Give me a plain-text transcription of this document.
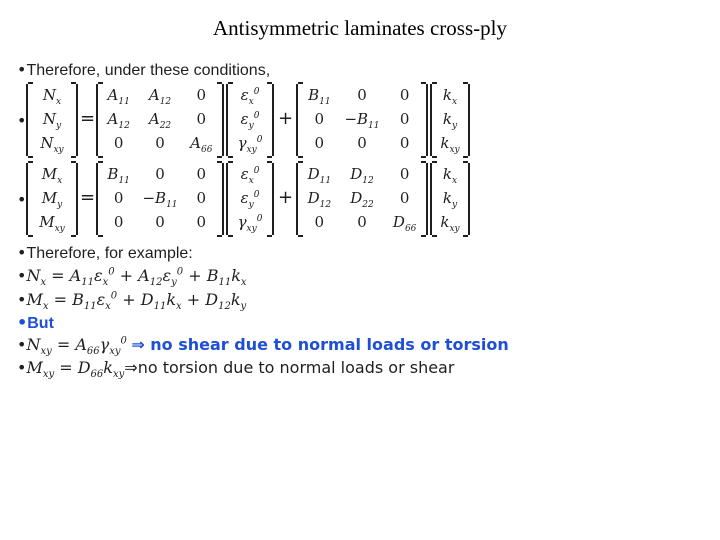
Antisymmetric laminates cross-ply
•Therefore, under these conditions,
•
$N_x$
$N_y$
$N_{xy}$
=
$A_{11}$	$A_{12}$	0
$A_{12}$	$A_{22}$	0
0	0	$A_{66}$
$\varepsilon_x^0$
$\varepsilon_y^0$
$\gamma_{xy}^0$
+
$B_{11}$	0	0
0	$-B_{11}$	0
0	0	0
$k_x$
$k_y$
$k_{xy}$
•
$M_x$
$M_y$
$M_{xy}$
=
$B_{11}$	0	0
0	$-B_{11}$	0
0	0	0
$\varepsilon_x^0$
$\varepsilon_y^0$
$\gamma_{xy}^0$
+
$D_{11}$	$D_{12}$	0
$D_{12}$	$D_{22}$	0
0	0	$D_{66}$
$k_x$
$k_y$
$k_{xy}$
•Therefore, for example:
$•N_x = A_{11}\varepsilon_x^0 + A_{12}\varepsilon_y^0 + B_{11}k_x$
$•M_x = B_{11}\varepsilon_x^0 + D_{11}k_x + D_{12}k_y$
•But
$•N_{xy} = A_{66}\gamma_{xy}^0$ ⇒ no shear due to normal loads or torsion
$•M_{xy}$ = $D_{66}k_{xy}\Rightarrow no$ torsion due to normal loads or shear
